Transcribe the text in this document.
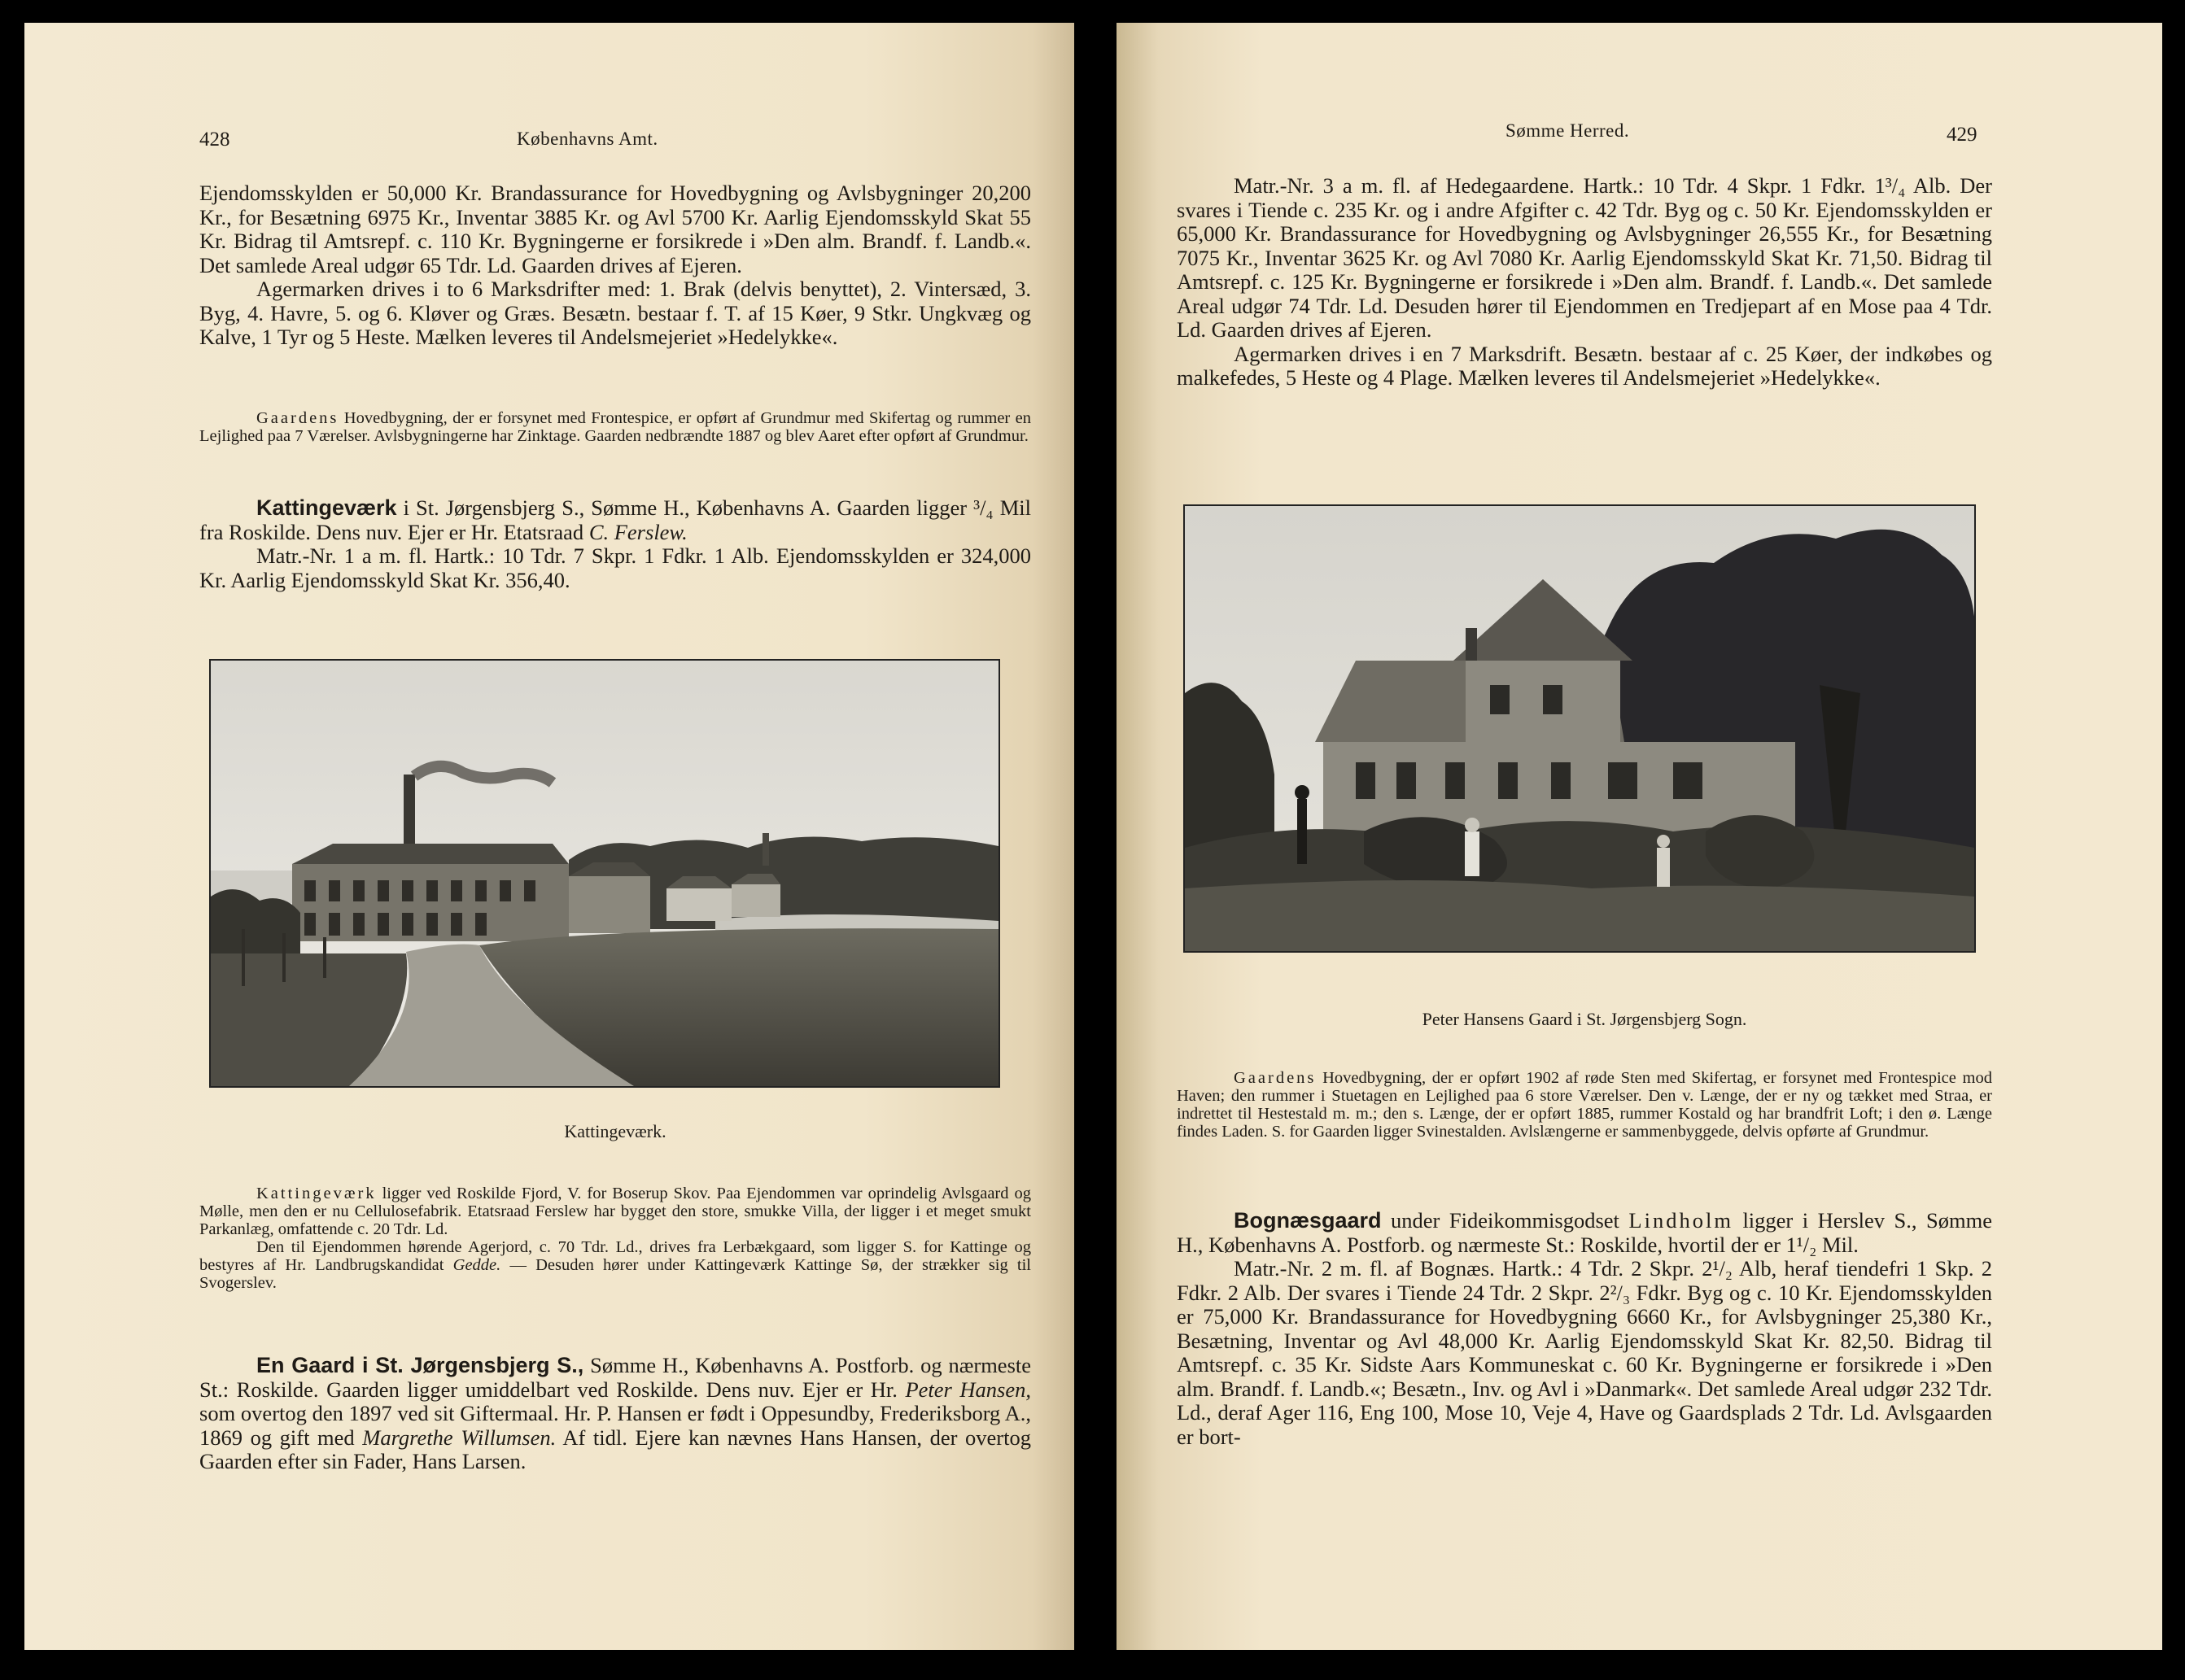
428	Københavns Amt.

Ejendomsskylden er 50,000 Kr. Brandassurance for Hovedbygning og Avlsbygninger 20,200 Kr., for Besætning 6975 Kr., Inventar 3885 Kr. og Avl 5700 Kr. Aarlig Ejendomsskyld Skat 55 Kr. Bidrag til Amtsrepf. c. 110 Kr. Bygningerne er forsikrede i »Den alm. Brandf. f. Landb.«. Det samlede Areal udgør 65 Tdr. Ld. Gaarden drives af Ejeren.

Agermarken drives i to 6 Marksdrifter med: 1. Brak (delvis benyttet), 2. Vintersæd, 3. Byg, 4. Havre, 5. og 6. Kløver og Græs. Besætn. bestaar f. T. af 15 Køer, 9 Stkr. Ungkvæg og Kalve, 1 Tyr og 5 Heste. Mælken leveres til Andelsmejeriet »Hedelykke«.

Gaardens Hovedbygning, der er forsynet med Frontespice, er opført af Grundmur med Skifertag og rummer en Lejlighed paa 7 Værelser. Avlsbygningerne har Zinktage. Gaarden nedbrændte 1887 og blev Aaret efter opført af Grundmur.

Kattingeværk i St. Jørgensbjerg S., Sømme H., Københavns A. Gaarden ligger ³/₄ Mil fra Roskilde. Dens nuv. Ejer er Hr. Etatsraad C. Ferslew.

Matr.-Nr. 1 a m. fl. Hartk.: 10 Tdr. 7 Skpr. 1 Fdkr. 1 Alb. Ejendomsskylden er 324,000 Kr. Aarlig Ejendomsskyld Skat Kr. 356,40.

Kattingeværk.

Kattingeværk ligger ved Roskilde Fjord, V. for Boserup Skov. Paa Ejendommen var oprindelig Avlsgaard og Mølle, men den er nu Cellulosefabrik. Etatsraad Ferslew har bygget den store, smukke Villa, der ligger i et meget smukt Parkanlæg, omfattende c. 20 Tdr. Ld.

Den til Ejendommen hørende Agerjord, c. 70 Tdr. Ld., drives fra Lerbækgaard, som ligger S. for Kattinge og bestyres af Hr. Landbrugskandidat Gedde. — Desuden hører under Kattingeværk Kattinge Sø, der strækker sig til Svogerslev.

En Gaard i St. Jørgensbjerg S., Sømme H., Københavns A. Postforb. og nærmeste St.: Roskilde. Gaarden ligger umiddelbart ved Roskilde. Dens nuv. Ejer er Hr. Peter Hansen, som overtog den 1897 ved sit Giftermaal. Hr. P. Hansen er født i Oppesundby, Frederiksborg A., 1869 og gift med Margrethe Willumsen. Af tidl. Ejere kan nævnes Hans Hansen, der overtog Gaarden efter sin Fader, Hans Larsen.

Sømme Herred.	429

Matr.-Nr. 3 a m. fl. af Hedegaardene. Hartk.: 10 Tdr. 4 Skpr. 1 Fdkr. 1³/₄ Alb. Der svares i Tiende c. 235 Kr. og i andre Afgifter c. 42 Tdr. Byg og c. 50 Kr. Ejendomsskylden er 65,000 Kr. Brandassurance for Hovedbygning og Avlsbygninger 26,555 Kr., for Besætning 7075 Kr., Inventar 3625 Kr. og Avl 7080 Kr. Aarlig Ejendomsskyld Skat Kr. 71,50. Bidrag til Amtsrepf. c. 125 Kr. Bygningerne er forsikrede i »Den alm. Brandf. f. Landb.«. Det samlede Areal udgør 74 Tdr. Ld. Desuden hører til Ejendommen en Tredjepart af en Mose paa 4 Tdr. Ld. Gaarden drives af Ejeren.

Agermarken drives i en 7 Marksdrift. Besætn. bestaar af c. 25 Køer, der indkøbes og malkefedes, 5 Heste og 4 Plage. Mælken leveres til Andelsmejeriet »Hedelykke«.

Peter Hansens Gaard i St. Jørgensbjerg Sogn.

Gaardens Hovedbygning, der er opført 1902 af røde Sten med Skifertag, er forsynet med Frontespice mod Haven; den rummer i Stuetagen en Lejlighed paa 6 store Værelser. Den v. Længe, der er ny og tækket med Straa, er indrettet til Hestestald m. m.; den s. Længe, der er opført 1885, rummer Kostald og har brandfrit Loft; i den ø. Længe findes Laden. S. for Gaarden ligger Svinestalden. Avlslængerne er sammenbyggede, delvis opførte af Grundmur.

Bognæsgaard under Fideikommisgodset Lindholm ligger i Herslev S., Sømme H., Københavns A. Postforb. og nærmeste St.: Roskilde, hvortil der er 1¹/₂ Mil.

Matr.-Nr. 2 m. fl. af Bognæs. Hartk.: 4 Tdr. 2 Skpr. 2¹/₂ Alb, heraf tiendefri 1 Skp. 2 Fdkr. 2 Alb. Der svares i Tiende 24 Tdr. 2 Skpr. 2²/₃ Fdkr. Byg og c. 10 Kr. Ejendomsskylden er 75,000 Kr. Brandassurance for Hovedbygning 6660 Kr., for Avlsbygninger 25,380 Kr., Besætning, Inventar og Avl 48,000 Kr. Aarlig Ejendomsskyld Skat Kr. 82,50. Bidrag til Amtsrepf. c. 35 Kr. Sidste Aars Kommuneskat c. 60 Kr. Bygningerne er forsikrede i »Den alm. Brandf. f. Landb.«; Besætn., Inv. og Avl i »Danmark«. Det samlede Areal udgør 232 Tdr. Ld., deraf Ager 116, Eng 100, Mose 10, Veje 4, Have og Gaardsplads 2 Tdr. Ld. Avlsgaarden er bort-
